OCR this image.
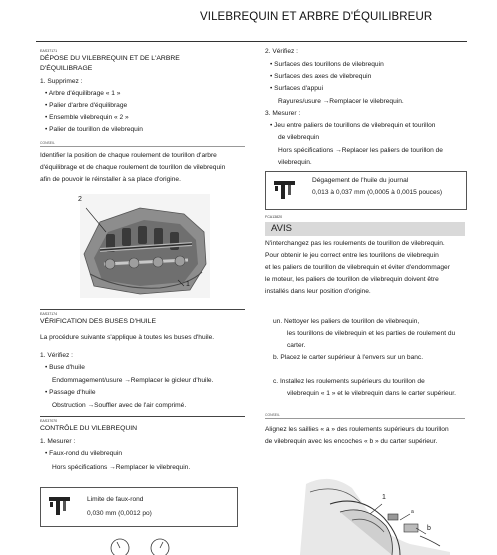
VILEBREQUIN ET ARBRE D'ÉQUILIBREUR
EAS37171
DÉPOSE DU VILEBREQUIN ET DE L'ARBRE
D'ÉQUILIBRAGE
1. Supprimez :
• Arbre d'équilibrage « 1 »
• Palier d'arbre d'équilibrage
• Ensemble vilebrequin « 2 »
• Palier de tourillon de vilebrequin
CONSEIL
Identifier la position de chaque roulement de tourillon d'arbre
d'équilibrage et de chaque roulement de tourillon de vilebrequin
afin de pouvoir le réinstaller à sa place d'origine.
2
1
EAS37174
VÉRIFICATION DES BUSES D'HUILE
La procédure suivante s'applique à toutes les buses d'huile.
1. Vérifiez :
• Buse d'huile
Endommagement/usure →Remplacer le gicleur d'huile.
• Passage d'huile
Obstruction →Souffler avec de l'air comprimé.
EAS37070
CONTRÔLE DU VILEBREQUIN
1. Mesurer :
• Faux-rond du vilebrequin
Hors spécifications →Remplacer le vilebrequin.
Limite de faux-rond
0,030 mm (0,0012 po)
2. Vérifiez :
• Surfaces des tourillons de vilebrequin
• Surfaces des axes de vilebrequin
• Surfaces d'appui
Rayures/usure →Remplacer le vilebrequin.
3. Mesurer :
• Jeu entre paliers de tourillons de vilebrequin et tourillon
de vilebrequin
Hors spécifications →Replacer les paliers de tourillon de
vilebrequin.
Dégagement de l'huile du journal
0,013 à 0,037 mm (0,0005 à 0,0015 pouces)
FCA13820
AVIS
N'interchangez pas les roulements de tourillon de vilebrequin.
Pour obtenir le jeu correct entre les tourillons de vilebrequin
et les paliers de tourillon de vilebrequin et éviter d'endommager
le moteur, les paliers de tourillon de vilebrequin doivent être
installés dans leur position d'origine.
un. Nettoyer les paliers de tourillon de vilebrequin,
les tourillons de vilebrequin et les parties de roulement du
carter.
b. Placez le carter supérieur à l'envers sur un banc.
c. Installez les roulements supérieurs du tourillon de
vilebrequin « 1 » et le vilebrequin dans le carter supérieur.
CONSEIL
Alignez les saillies « a » des roulements supérieurs du tourillon
de vilebrequin avec les encoches « b » du carter supérieur.
1
a
b
